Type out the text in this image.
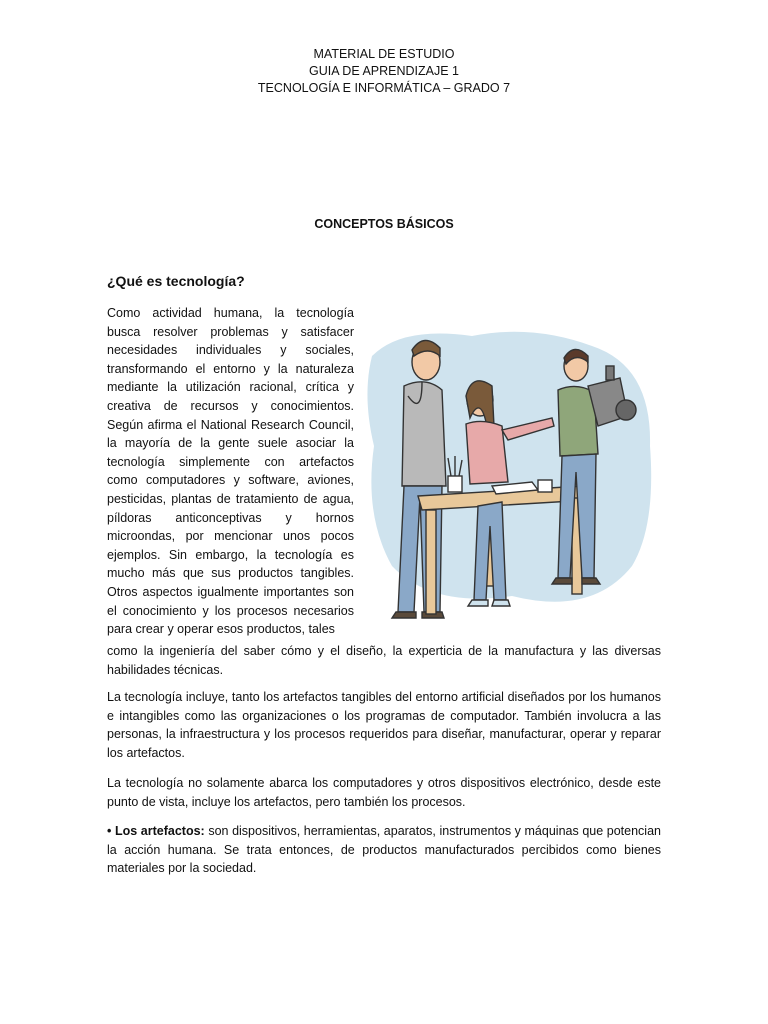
MATERIAL DE ESTUDIO
GUIA DE APRENDIZAJE 1
TECNOLOGÍA E INFORMÁTICA – GRADO 7
CONCEPTOS BÁSICOS
¿Qué es tecnología?
Como actividad humana, la tecnología busca resolver problemas y satisfacer necesidades individuales y sociales, transformando el entorno y la naturaleza mediante la utilización racional, crítica y creativa de recursos y conocimientos. Según afirma el National Research Council, la mayoría de la gente suele asociar la tecnología simplemente con artefactos como computadores y software, aviones, pesticidas, plantas de tratamiento de agua, píldoras anticonceptivas y hornos microondas, por mencionar unos pocos ejemplos. Sin embargo, la tecnología es mucho más que sus productos tangibles. Otros aspectos igualmente importantes son el conocimiento y los procesos necesarios para crear y operar esos productos, tales
como la ingeniería del saber cómo y el diseño, la experticia de la manufactura y las diversas habilidades técnicas.
La tecnología incluye, tanto los artefactos tangibles del entorno artificial diseñados por los humanos e intangibles como las organizaciones o los programas de computador. También involucra a las personas, la infraestructura y los procesos requeridos para diseñar, manufacturar, operar y reparar los artefactos.
La tecnología no solamente abarca los computadores y otros dispositivos electrónico, desde este punto de vista, incluye los artefactos, pero también los procesos.
• Los artefactos: son dispositivos, herramientas, aparatos, instrumentos y máquinas que potencian la acción humana. Se trata entonces, de productos manufacturados percibidos como bienes materiales por la sociedad.
